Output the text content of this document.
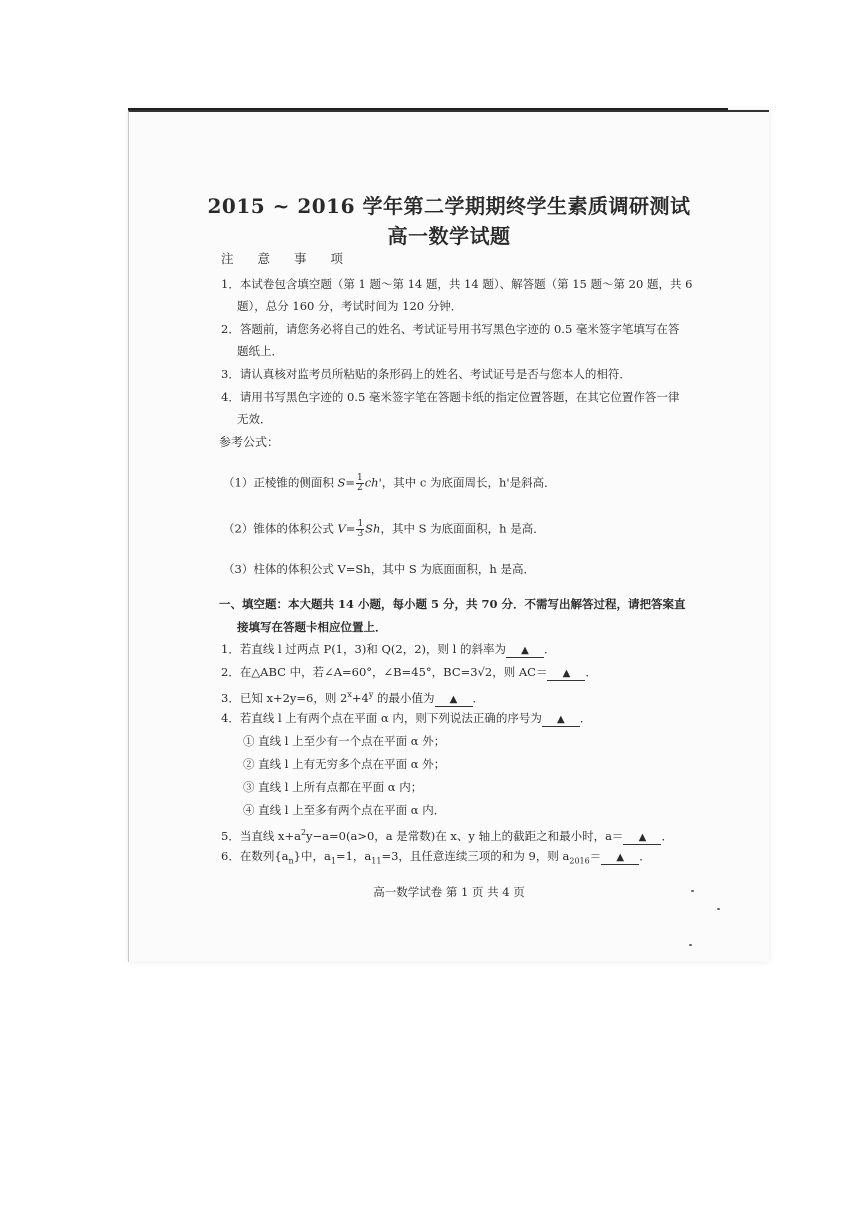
2015 ~ 2016 学年第二学期期终学生素质调研测试
高一数学试题
注 意 事 项
1．本试卷包含填空题（第 1 题～第 14 题，共 14 题）、解答题（第 15 题～第 20 题，共 6
题），总分 160 分，考试时间为 120 分钟．
2．答题前，请您务必将自己的姓名、考试证号用书写黑色字迹的 0.5 毫米签字笔填写在答
题纸上．
3．请认真核对监考员所粘贴的条形码上的姓名、考试证号是否与您本人的相符．
4．请用书写黑色字迹的 0.5 毫米签字笔在答题卡纸的指定位置答题，在其它位置作答一律
无效．
参考公式：
（1）正棱锥的侧面积 $S= \frac{1}{2} ch'$，其中 c 为底面周长，h'是斜高．
（2）锥体的体积公式 $V= \frac{1}{3}$ Sh，其中 S 为底面面积，h 是高．
（3）柱体的体积公式 V=Sh，其中 S 为底面面积，h 是高．
一、填空题：本大题共 14 小题，每小题 5 分，共 70 分．不需写出解答过程，请把答案直
接填写在答题卡相应位置上．
1．若直线 l 过两点 P(1，3)和 Q(2，2)，则 l 的斜率为 ▲ ．
2．在△ABC 中，若∠A=60°，∠B=45°，BC=3√2，则 AC＝ ▲ ．
3．已知 x+2y=6，则 $2^x+4^y$ 的最小值为 ▲ ．
4．若直线 l 上有两个点在平面 α 内，则下列说法正确的序号为 ▲ ．
① 直线 l 上至少有一个点在平面 α 外；
② 直线 l 上有无穷多个点在平面 α 外；
③ 直线 l 上所有点都在平面 α 内；
④ 直线 l 上至多有两个点在平面 α 内．
5．当直线 $x+a^2y-a=0(a>0$，a 是常数)在 x、y 轴上的截距之和最小时，a＝ ▲ ．
6．在数列$\{a_n\}$中，$a_1=1$，$a_{11}=3$，且任意连续三项的和为 9，则 $a_{2016}=$ ▲ ．
高一数学试卷 第 1 页 共 4 页
